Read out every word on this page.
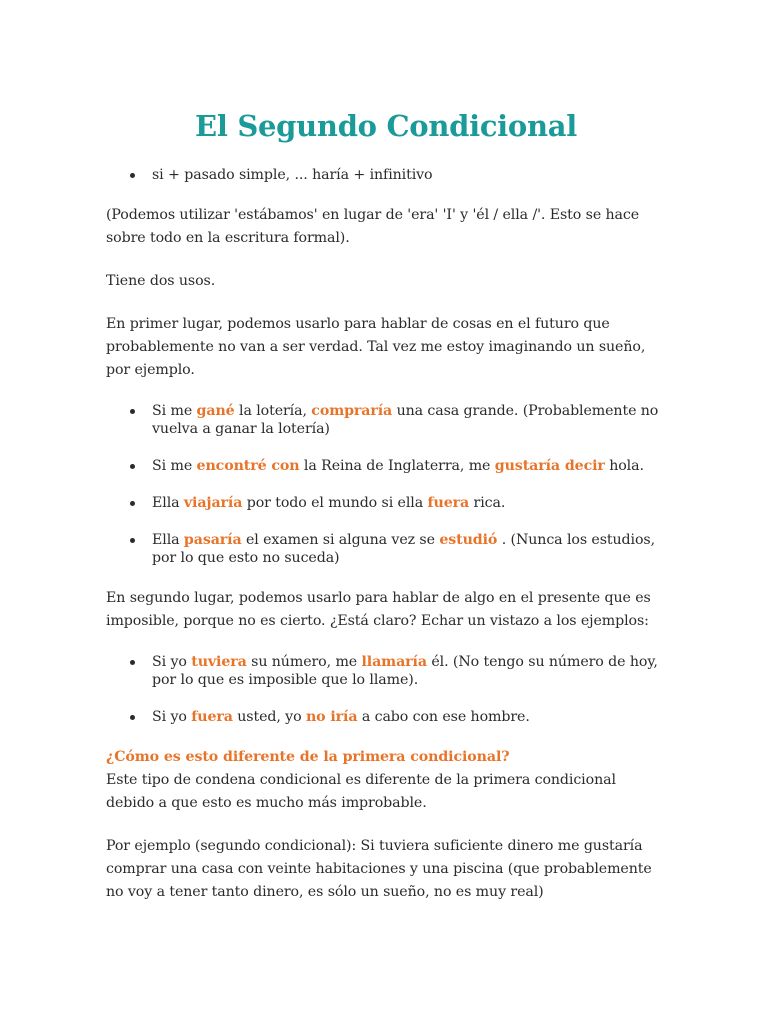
El Segundo Condicional
si + pasado simple, ... haría + infinitivo

(Podemos utilizar 'estábamos' en lugar de 'era' 'I' y 'él / ella /'. Esto se hace sobre todo en la escritura formal).

Tiene dos usos.

En primer lugar, podemos usarlo para hablar de cosas en el futuro que probablemente no van a ser verdad. Tal vez me estoy imaginando un sueño, por ejemplo.

Si me gané la lotería, compraría una casa grande. (Probablemente no vuelva a ganar la lotería)
Si me encontré con la Reina de Inglaterra, me gustaría decir hola.
Ella viajaría por todo el mundo si ella fuera rica.
Ella pasaría el examen si alguna vez se estudió . (Nunca los estudios, por lo que esto no suceda)

En segundo lugar, podemos usarlo para hablar de algo en el presente que es imposible, porque no es cierto. ¿Está claro? Echar un vistazo a los ejemplos:

Si yo tuviera su número, me llamaría él. (No tengo su número de hoy, por lo que es imposible que lo llame).
Si yo fuera usted, yo no iría a cabo con ese hombre.

¿Cómo es esto diferente de la primera condicional?

Este tipo de condena condicional es diferente de la primera condicional debido a que esto es mucho más improbable.

Por ejemplo (segundo condicional): Si tuviera suficiente dinero me gustaría comprar una casa con veinte habitaciones y una piscina (que probablemente no voy a tener tanto dinero, es sólo un sueño, no es muy real)
